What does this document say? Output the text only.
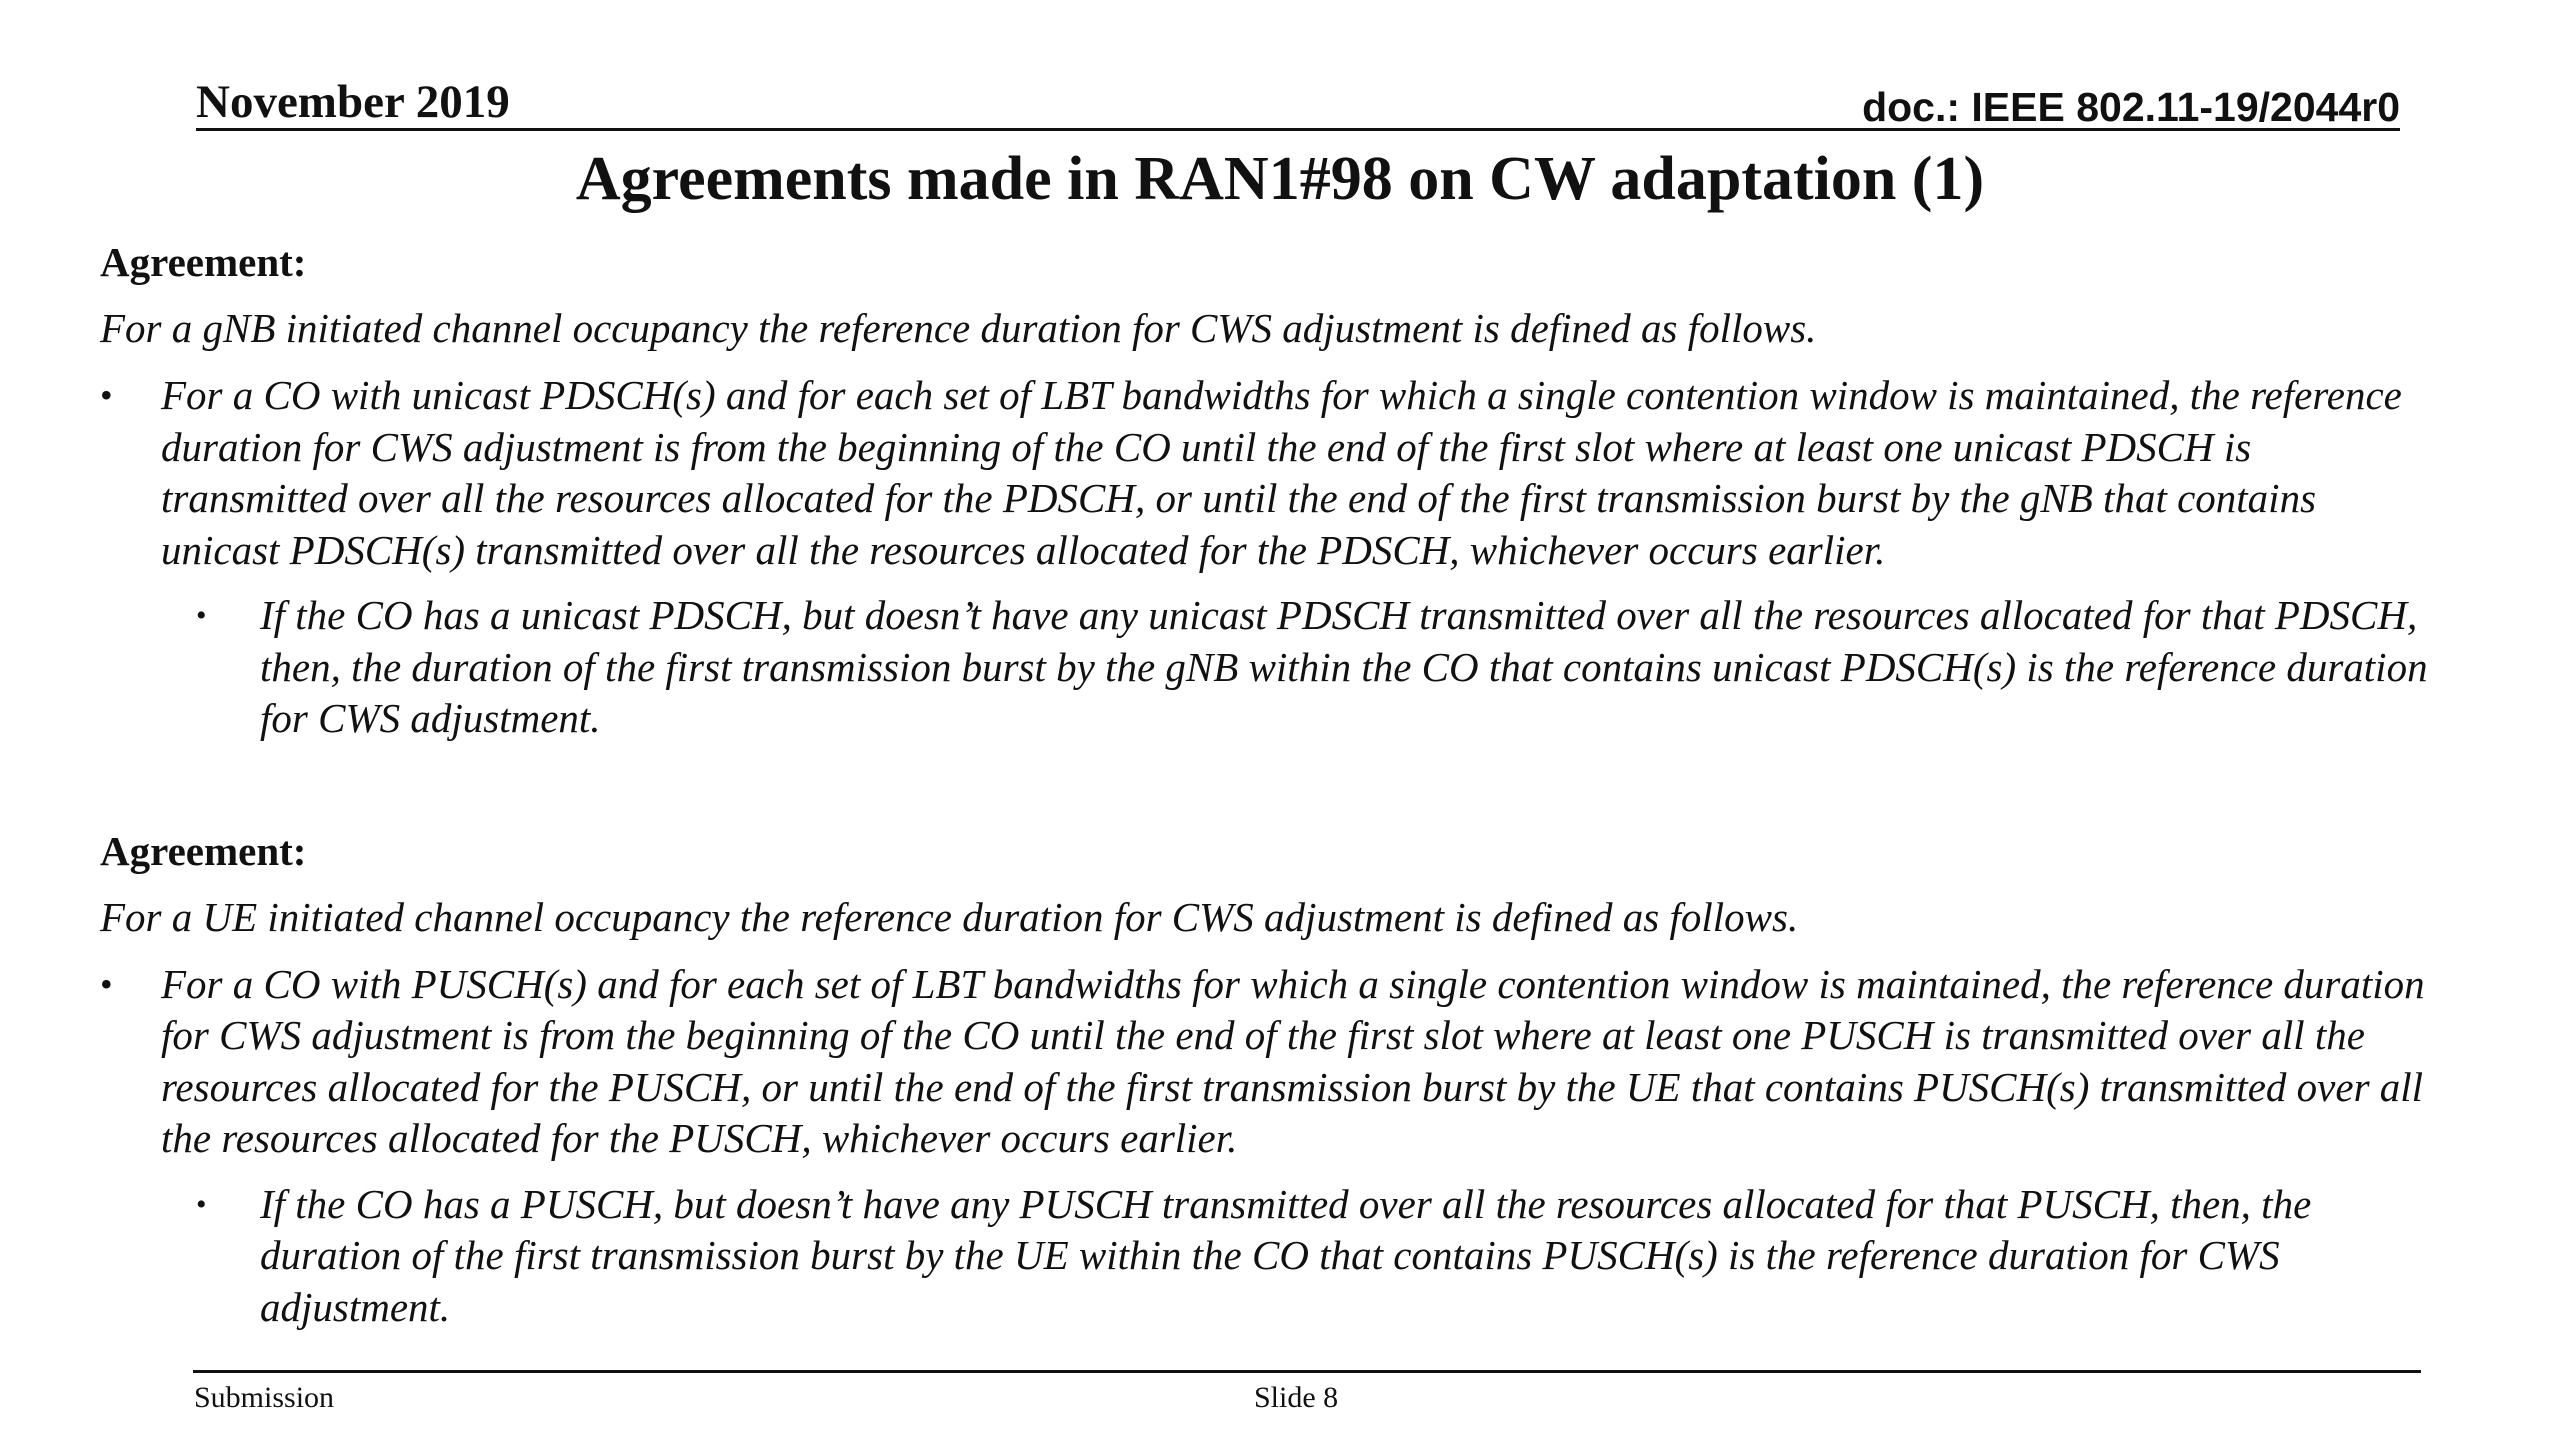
November 2019	doc.: IEEE 802.11-19/2044r0
Agreements made in RAN1#98 on CW adaptation (1)
Agreement:
For a gNB initiated channel occupancy the reference duration for CWS adjustment is defined as follows.
• For a CO with unicast PDSCH(s) and for each set of LBT bandwidths for which a single contention window is maintained, the reference duration for CWS adjustment is from the beginning of the CO until the end of the first slot where at least one unicast PDSCH is transmitted over all the resources allocated for the PDSCH, or until the end of the first transmission burst by the gNB that contains unicast PDSCH(s) transmitted over all the resources allocated for the PDSCH, whichever occurs earlier.
• If the CO has a unicast PDSCH, but doesn’t have any unicast PDSCH transmitted over all the resources allocated for that PDSCH, then, the duration of the first transmission burst by the gNB within the CO that contains unicast PDSCH(s) is the reference duration for CWS adjustment.
Agreement:
For a UE initiated channel occupancy the reference duration for CWS adjustment is defined as follows.
• For a CO with PUSCH(s) and for each set of LBT bandwidths for which a single contention window is maintained, the reference duration for CWS adjustment is from the beginning of the CO until the end of the first slot where at least one PUSCH is transmitted over all the resources allocated for the PUSCH, or until the end of the first transmission burst by the UE that contains PUSCH(s) transmitted over all the resources allocated for the PUSCH, whichever occurs earlier.
• If the CO has a PUSCH, but doesn’t have any PUSCH transmitted over all the resources allocated for that PUSCH, then, the duration of the first transmission burst by the UE within the CO that contains PUSCH(s) is the reference duration for CWS adjustment.
Submission	Slide 8
